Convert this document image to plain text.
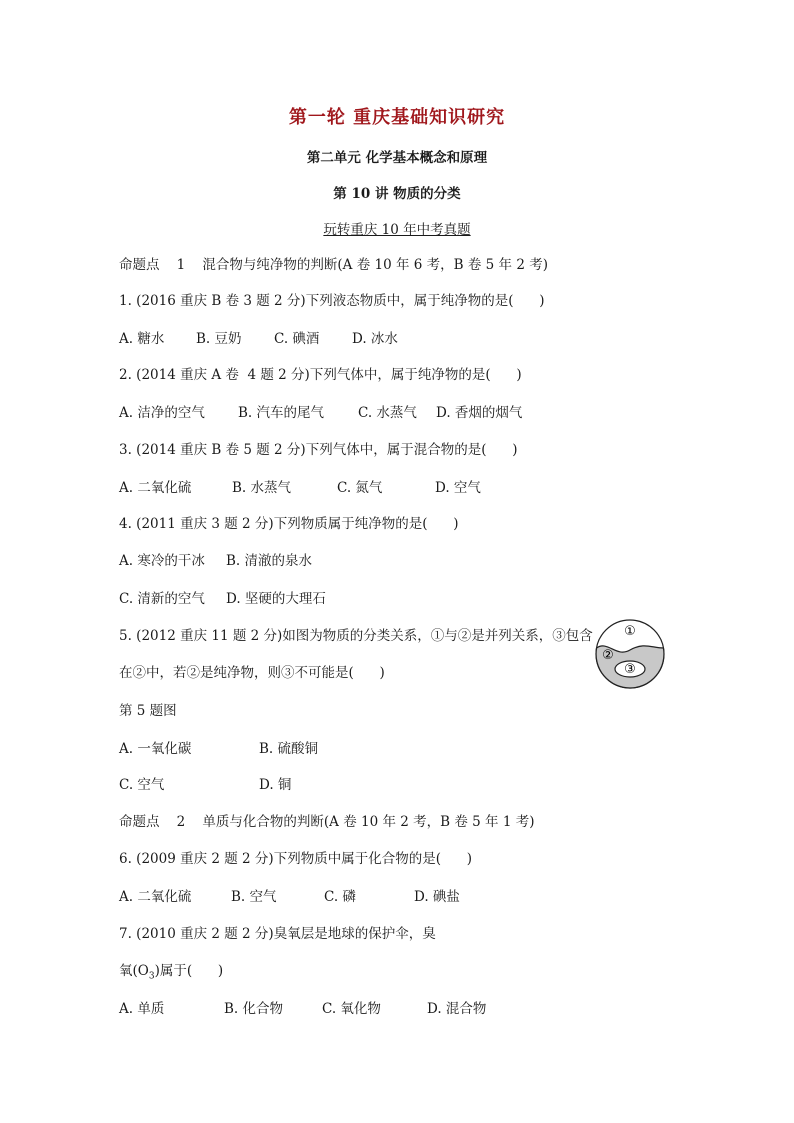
第一轮 重庆基础知识研究
第二单元 化学基本概念和原理
第 10 讲 物质的分类
玩转重庆 10 年中考真题
命题点    1    混合物与纯净物的判断(A 卷 10 年 6 考，B 卷 5 年 2 考)
1. (2016 重庆 B 卷 3 题 2 分)下列液态物质中，属于纯净物的是(      )
A. 糖水 B. 豆奶 C. 碘酒 D. 冰水
2. (2014 重庆 A 卷  4 题 2 分)下列气体中，属于纯净物的是(      )
A. 洁净的空气 B. 汽车的尾气	C. 水蒸气 D. 香烟的烟气
3. (2014 重庆 B 卷 5 题 2 分)下列气体中，属于混合物的是(      )
A. 二氧化硫	B. 水蒸气	C. 氮气	D. 空气
4. (2011 重庆 3 题 2 分)下列物质属于纯净物的是(      )
A. 寒冷的干冰 B. 清澈的泉水
C. 清新的空气 D. 坚硬的大理石
5. (2012 重庆 11 题 2 分)如图为物质的分类关系，①与②是并列关系，③包含
在②中，若②是纯净物，则③不可能是(      )
①
②
③
第 5 题图
A. 一氧化碳	B. 硫酸铜
C. 空气	D. 铜
命题点    2    单质与化合物的判断(A 卷 10 年 2 考，B 卷 5 年 1 考)
6. (2009 重庆 2 题 2 分)下列物质中属于化合物的是(      )
A. 二氧化硫	B. 空气	C. 磷	D. 碘盐
7. (2010 重庆 2 题 2 分)臭氧层是地球的保护伞，臭
氧$(O_3)$属于(      )
A. 单质	B. 化合物	C. 氧化物	D. 混合物
